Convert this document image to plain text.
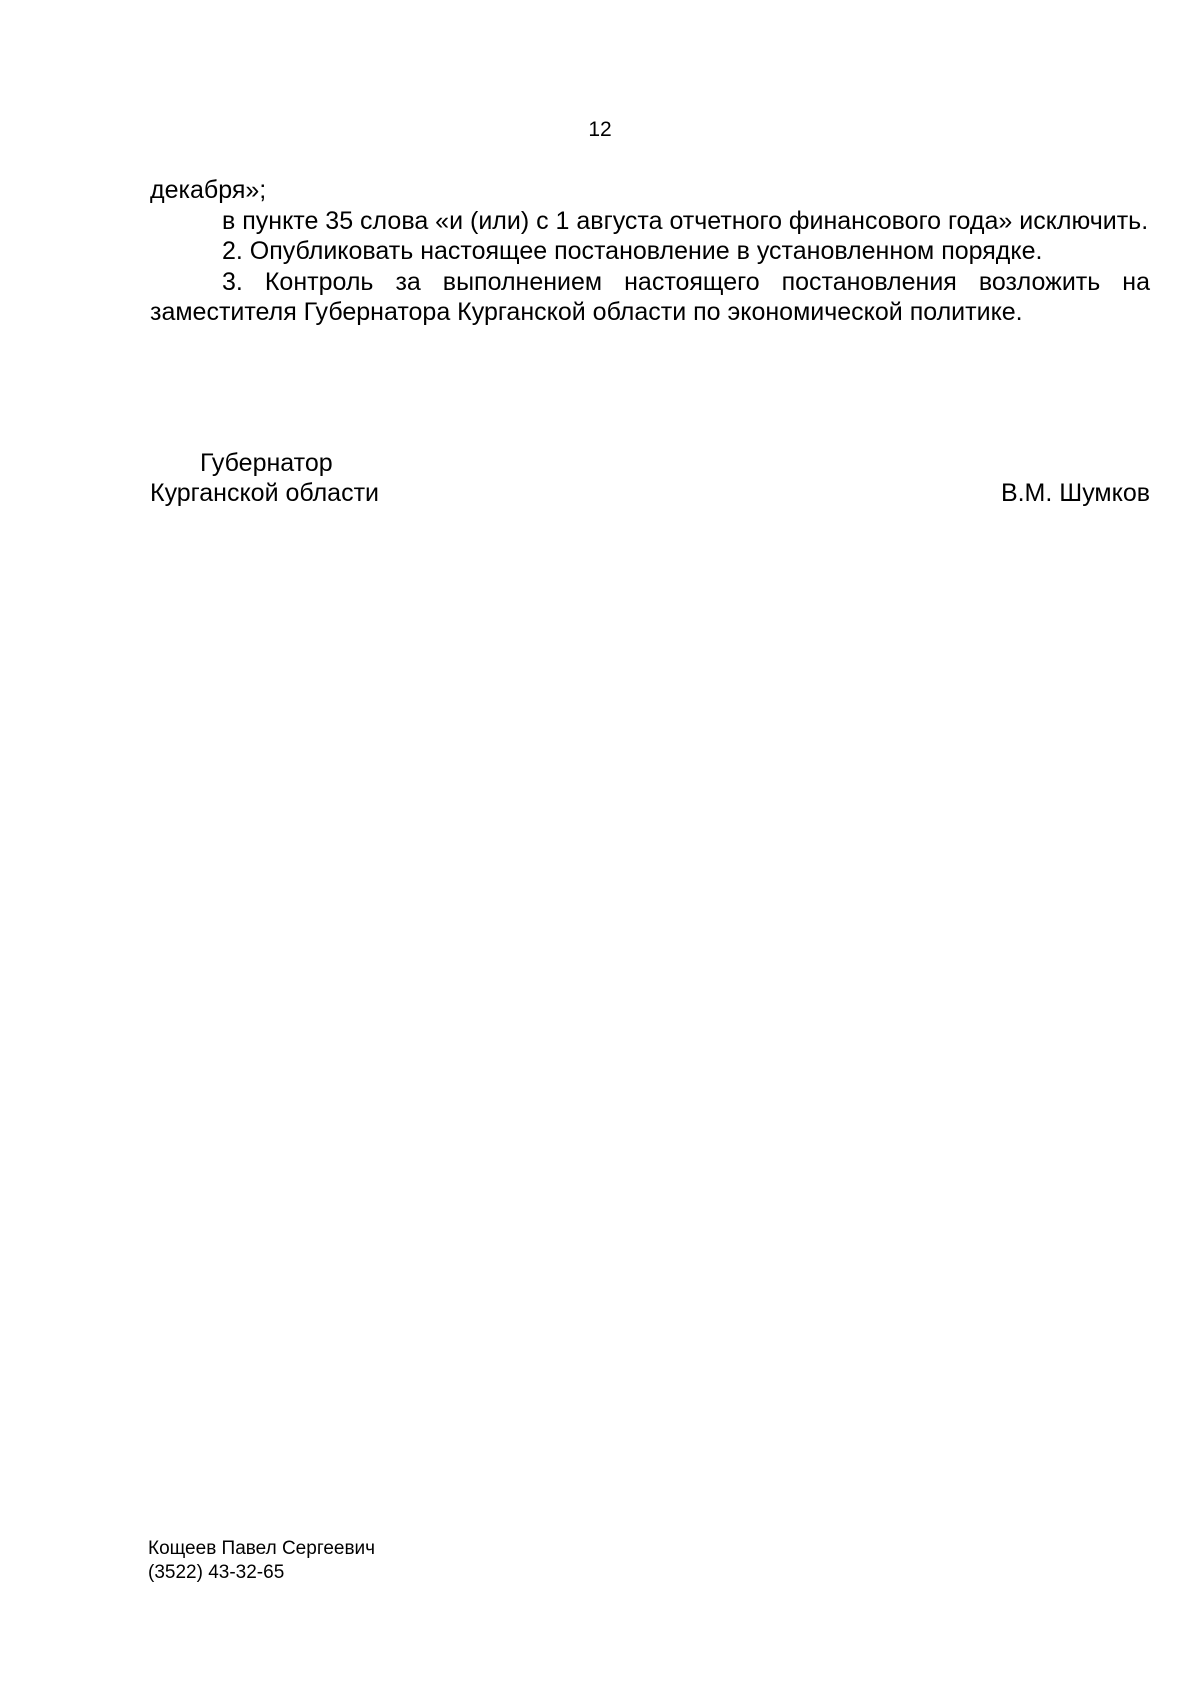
12

декабря»;

в пункте 35 слова «и (или) с 1 августа отчетного финансового года» исключить.

2. Опубликовать настоящее постановление в установленном порядке.

3. Контроль за выполнением настоящего постановления возложить на заместителя Губернатора Курганской области по экономической политике.

Губернатор
Курганской области	В.М. Шумков
Кощеев Павел Сергеевич
(3522) 43-32-65
